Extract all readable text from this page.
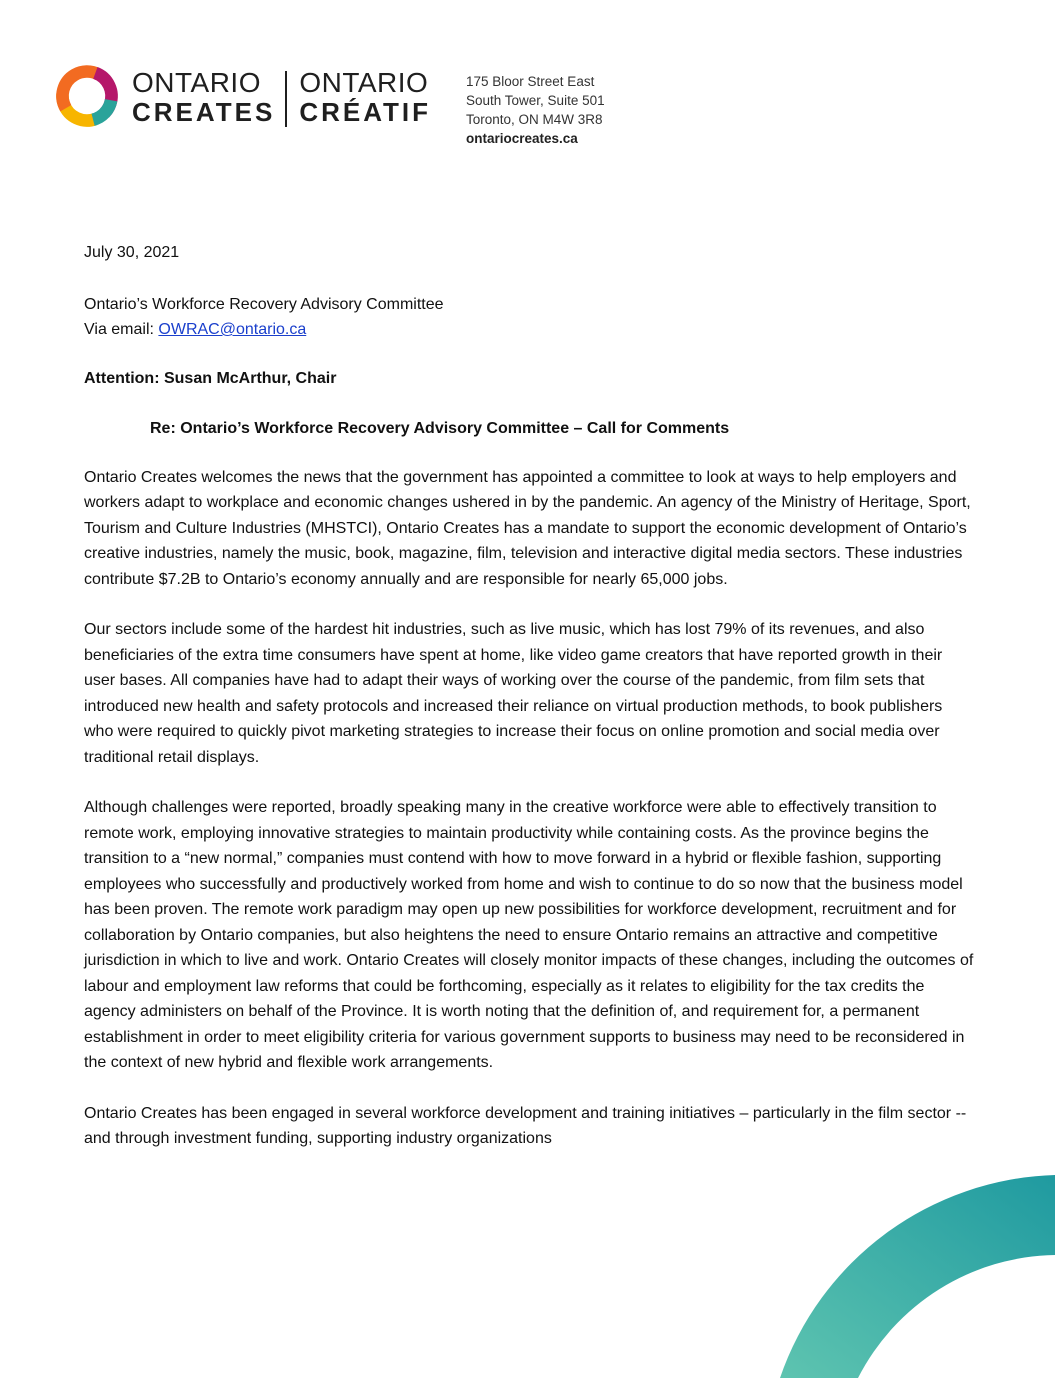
ONTARIO
CREATES
ONTARIO
CRÉATIF
175 Bloor Street East
South Tower, Suite 501
Toronto, ON M4W 3R8
ontariocreates.ca

July 30, 2021

Ontario’s Workforce Recovery Advisory Committee

Via email: OWRAC@ontario.ca

Attention: Susan McArthur, Chair

Re: Ontario’s Workforce Recovery Advisory Committee – Call for Comments

Ontario Creates welcomes the news that the government has appointed a committee to look at ways to help employers and workers adapt to workplace and economic changes ushered in by the pandemic. An agency of the Ministry of Heritage, Sport, Tourism and Culture Industries (MHSTCI), Ontario Creates has a mandate to support the economic development of Ontario’s creative industries, namely the music, book, magazine, film, television and interactive digital media sectors. These industries contribute $7.2B to Ontario’s economy annually and are responsible for nearly 65,000 jobs.

Our sectors include some of the hardest hit industries, such as live music, which has lost 79% of its revenues, and also beneficiaries of the extra time consumers have spent at home, like video game creators that have reported growth in their user bases. All companies have had to adapt their ways of working over the course of the pandemic, from film sets that introduced new health and safety protocols and increased their reliance on virtual production methods, to book publishers who were required to quickly pivot marketing strategies to increase their focus on online promotion and social media over traditional retail displays.

Although challenges were reported, broadly speaking many in the creative workforce were able to effectively transition to remote work, employing innovative strategies to maintain productivity while containing costs. As the province begins the transition to a “new normal,” companies must contend with how to move forward in a hybrid or flexible fashion, supporting employees who successfully and productively worked from home and wish to continue to do so now that the business model has been proven. The remote work paradigm may open up new possibilities for workforce development, recruitment and for collaboration by Ontario companies, but also heightens the need to ensure Ontario remains an attractive and competitive jurisdiction in which to live and work. Ontario Creates will closely monitor impacts of these changes, including the outcomes of labour and employment law reforms that could be forthcoming, especially as it relates to eligibility for the tax credits the agency administers on behalf of the Province. It is worth noting that the definition of, and requirement for, a permanent establishment in order to meet eligibility criteria for various government supports to business may need to be reconsidered in the context of new hybrid and flexible work arrangements.

Ontario Creates has been engaged in several workforce development and training initiatives – particularly in the film sector -- and through investment funding, supporting industry organizations
